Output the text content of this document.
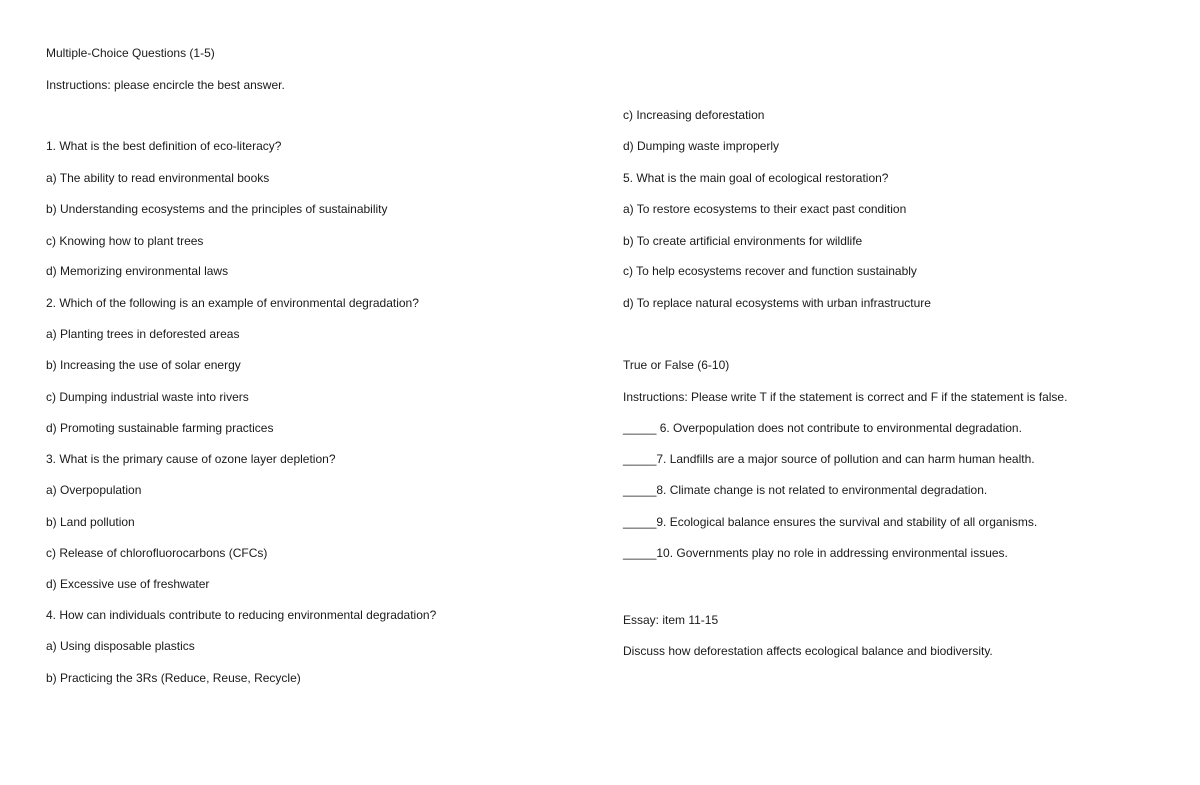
Multiple-Choice Questions (1-5)
Instructions: please encircle the best answer.
1. What is the best definition of eco-literacy?
a) The ability to read environmental books
b) Understanding ecosystems and the principles of sustainability
c) Knowing how to plant trees
d) Memorizing environmental laws
2. Which of the following is an example of environmental degradation?
a) Planting trees in deforested areas
b) Increasing the use of solar energy
c) Dumping industrial waste into rivers
d) Promoting sustainable farming practices
3. What is the primary cause of ozone layer depletion?
a) Overpopulation
b) Land pollution
c) Release of chlorofluorocarbons (CFCs)
d) Excessive use of freshwater
4. How can individuals contribute to reducing environmental degradation?
a) Using disposable plastics
b) Practicing the 3Rs (Reduce, Reuse, Recycle)
c) Increasing deforestation
d) Dumping waste improperly
5. What is the main goal of ecological restoration?
a) To restore ecosystems to their exact past condition
b) To create artificial environments for wildlife
c) To help ecosystems recover and function sustainably
d) To replace natural ecosystems with urban infrastructure
True or False (6-10)
Instructions: Please write T if the statement is correct and F if the statement is false.
_____ 6. Overpopulation does not contribute to environmental degradation.
_____7. Landfills are a major source of pollution and can harm human health.
_____8. Climate change is not related to environmental degradation.
_____9. Ecological balance ensures the survival and stability of all organisms.
_____10. Governments play no role in addressing environmental issues.
Essay: item 11-15
Discuss how deforestation affects ecological balance and biodiversity.
